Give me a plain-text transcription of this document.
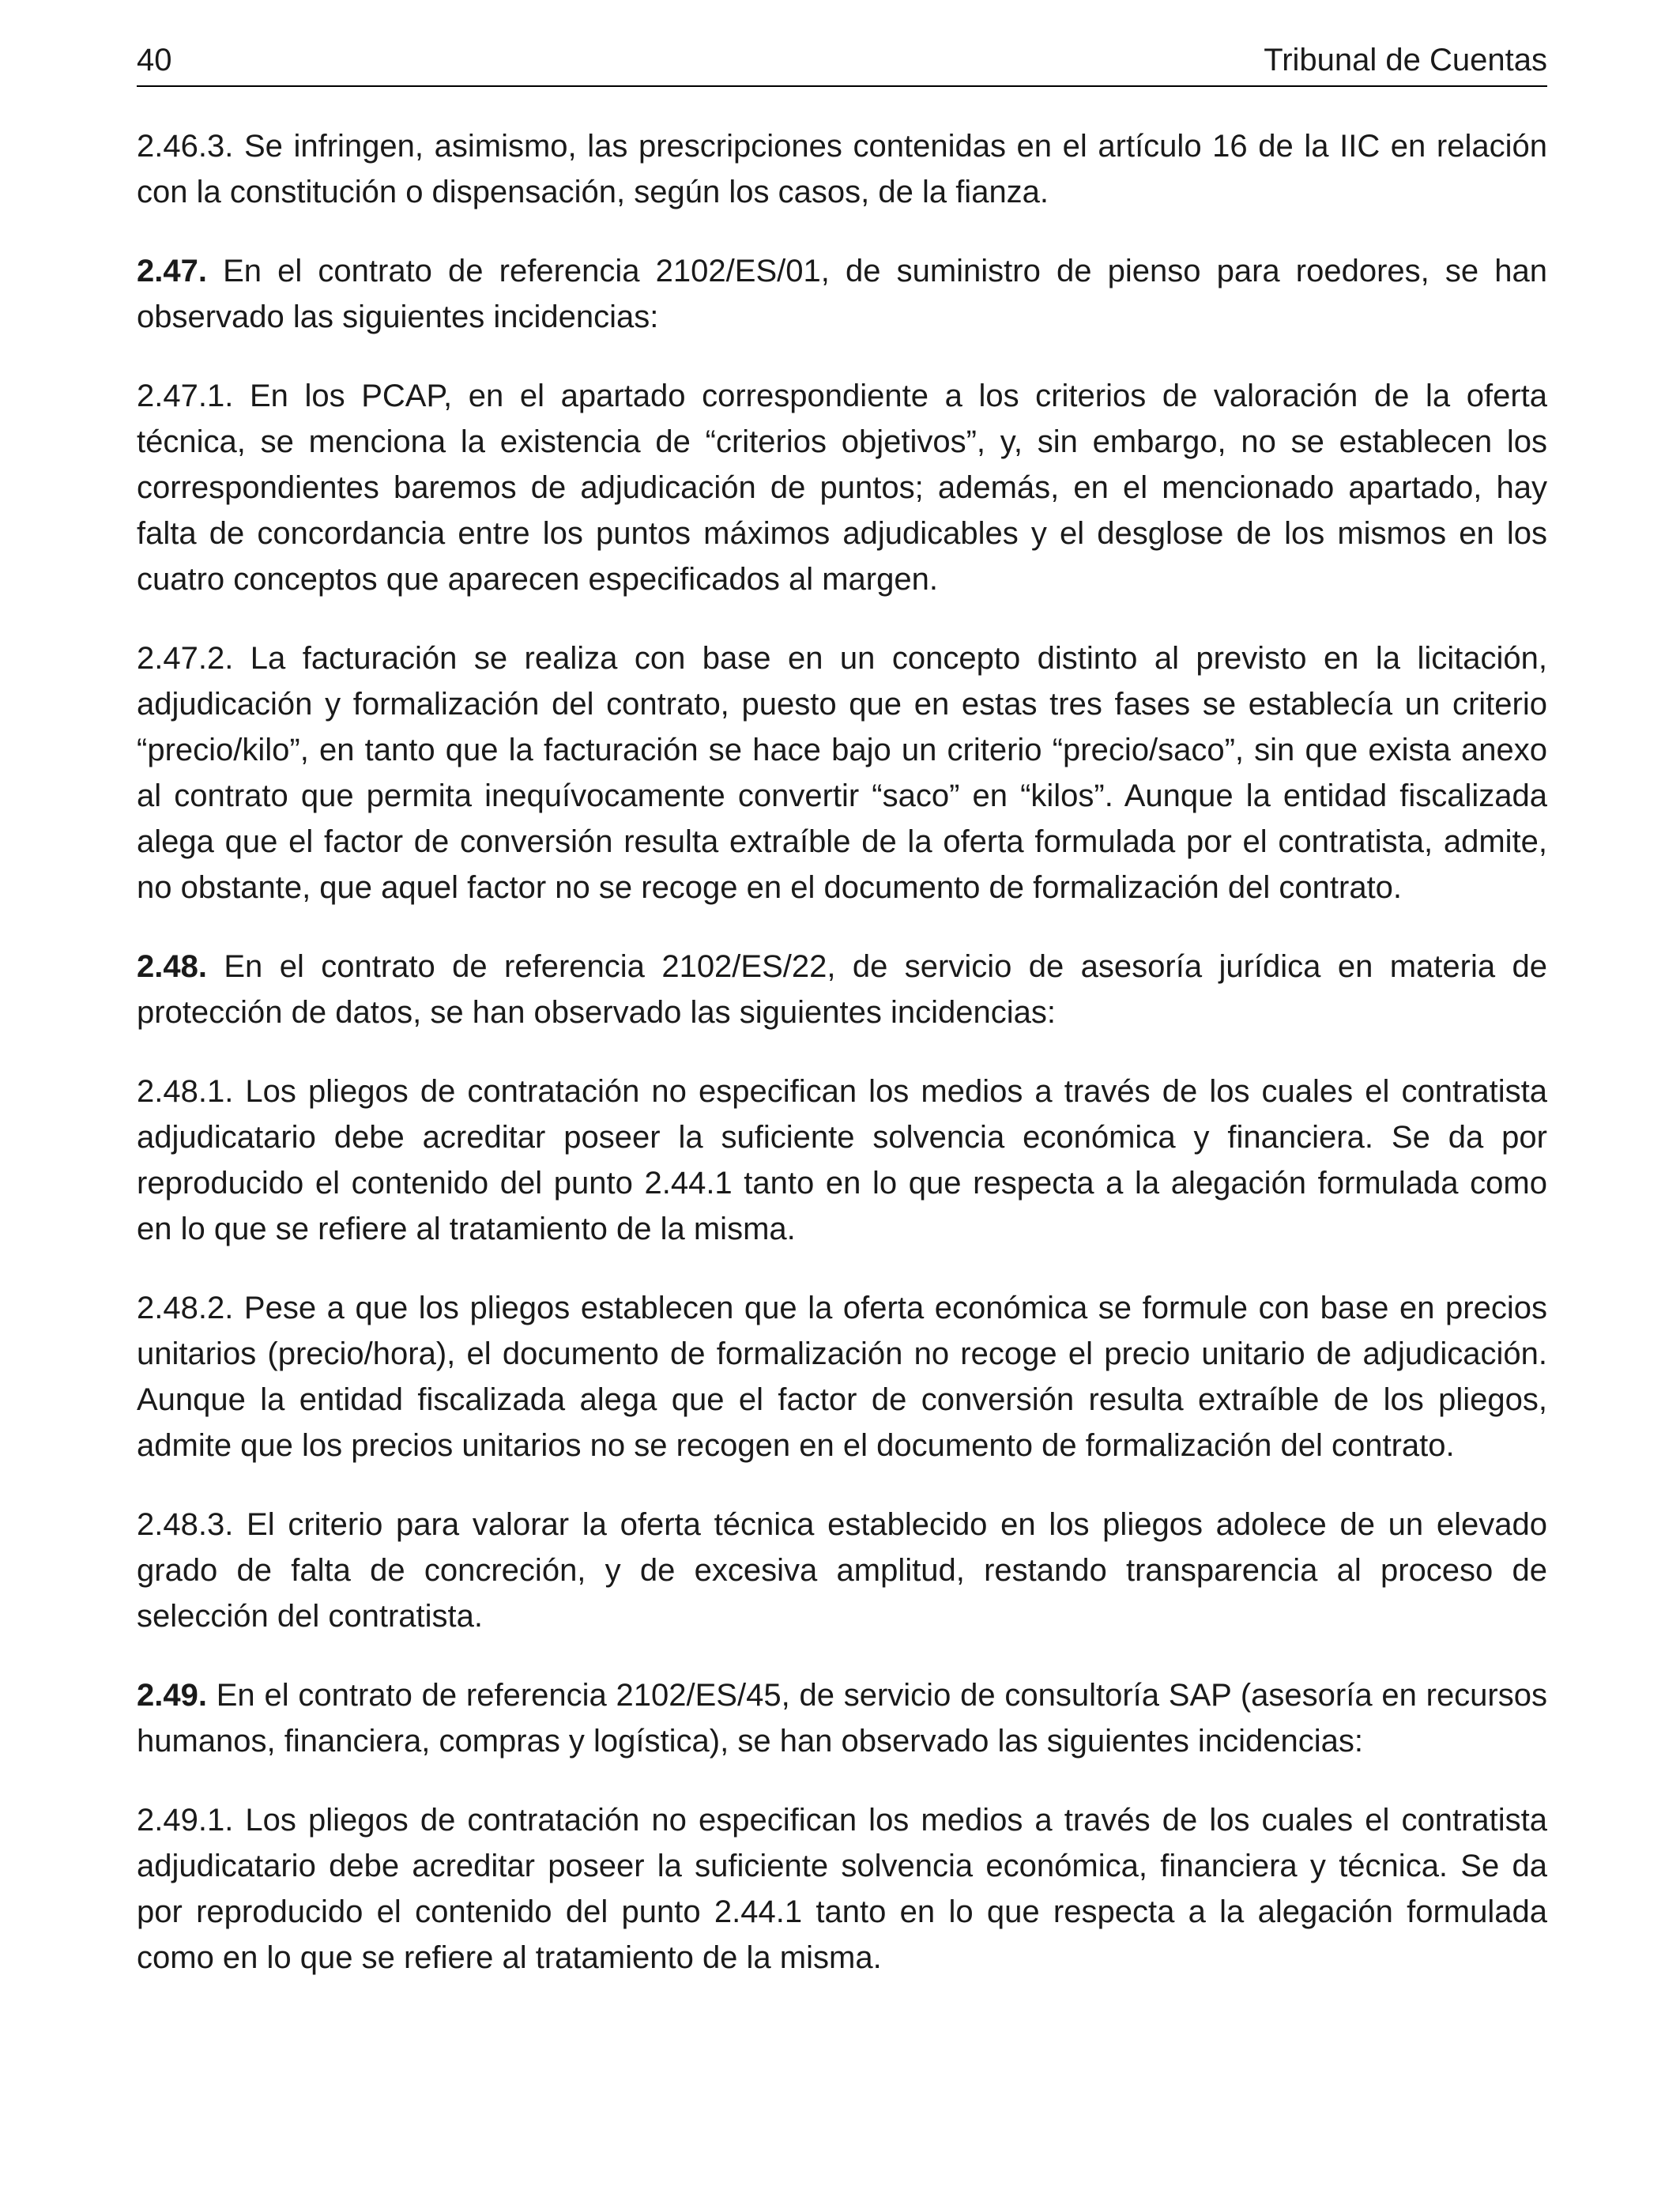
40	Tribunal de Cuentas

2.46.3. Se infringen, asimismo, las prescripciones contenidas en el artículo 16 de la IIC en relación con la constitución o dispensación, según los casos, de la fianza.

2.47. En el contrato de referencia 2102/ES/01, de suministro de pienso para roedores, se han observado las siguientes incidencias:

2.47.1. En los PCAP, en el apartado correspondiente a los criterios de valoración de la oferta técnica, se menciona la existencia de “criterios objetivos”, y, sin embargo, no se establecen los correspondientes baremos de adjudicación de puntos; además, en el mencionado apartado, hay falta de concordancia entre los puntos máximos adjudicables y el desglose de los mismos en los cuatro conceptos que aparecen especificados al margen.

2.47.2. La facturación se realiza con base en un concepto distinto al previsto en la licitación, adjudicación y formalización del contrato, puesto que en estas tres fases se establecía un criterio “precio/kilo”, en tanto que la facturación se hace bajo un criterio “precio/saco”, sin que exista anexo al contrato que permita inequívocamente convertir “saco” en “kilos”. Aunque la entidad fiscalizada alega que el factor de conversión resulta extraíble de la oferta formulada por el contratista, admite, no obstante, que aquel factor no se recoge en el documento de formalización del contrato.

2.48. En el contrato de referencia 2102/ES/22, de servicio de asesoría jurídica en materia de protección de datos, se han observado las siguientes incidencias:

2.48.1. Los pliegos de contratación no especifican los medios a través de los cuales el contratista adjudicatario debe acreditar poseer la suficiente solvencia económica y financiera. Se da por reproducido el contenido del punto 2.44.1 tanto en lo que respecta a la alegación formulada como en lo que se refiere al tratamiento de la misma.

2.48.2. Pese a que los pliegos establecen que la oferta económica se formule con base en precios unitarios (precio/hora), el documento de formalización no recoge el precio unitario de adjudicación. Aunque la entidad fiscalizada alega que el factor de conversión resulta extraíble de los pliegos, admite que los precios unitarios no se recogen en el documento de formalización del contrato.

2.48.3. El criterio para valorar la oferta técnica establecido en los pliegos adolece de un elevado grado de falta de concreción, y de excesiva amplitud, restando transparencia al proceso de selección del contratista.

2.49. En el contrato de referencia 2102/ES/45, de servicio de consultoría SAP (asesoría en recursos humanos, financiera, compras y logística), se han observado las siguientes incidencias:

2.49.1. Los pliegos de contratación no especifican los medios a través de los cuales el contratista adjudicatario debe acreditar poseer la suficiente solvencia económica, financiera y técnica. Se da por reproducido el contenido del punto 2.44.1 tanto en lo que respecta a la alegación formulada como en lo que se refiere al tratamiento de la misma.
